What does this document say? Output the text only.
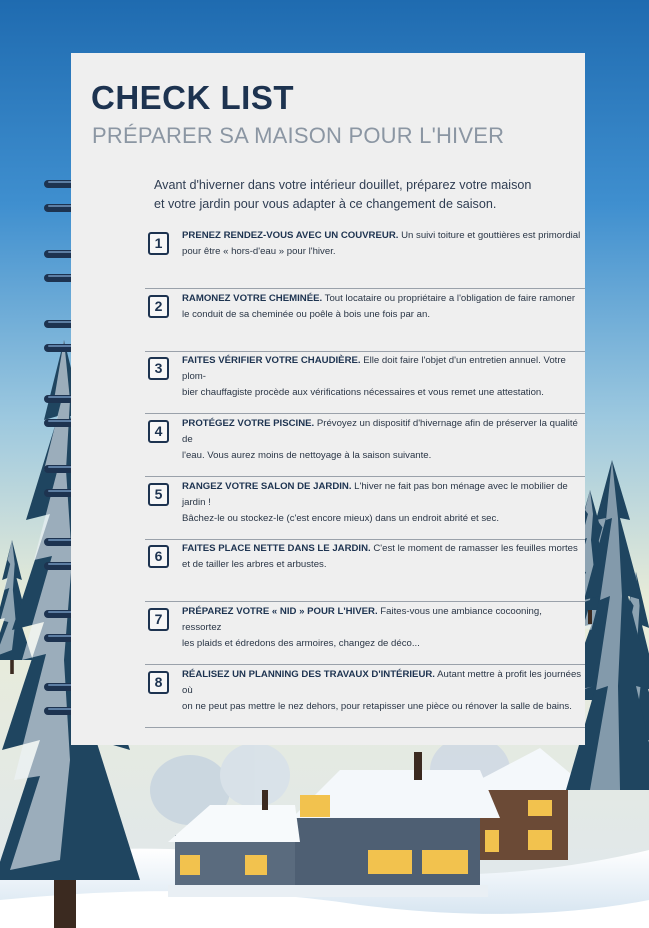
CHECK LIST
PRÉPARER SA MAISON POUR L'HIVER
Avant d'hiverner dans votre intérieur douillet, préparez votre maison
et votre jardin pour vous adapter à ce changement de saison.
1	PRENEZ RENDEZ-VOUS AVEC UN COUVREUR. Un suivi toiture et gouttières est primordial
pour être « hors-d'eau » pour l'hiver.
2	RAMONEZ VOTRE CHEMINÉE. Tout locataire ou propriétaire a l'obligation de faire ramoner
le conduit de sa cheminée ou poêle à bois une fois par an.
3	FAITES VÉRIFIER VOTRE CHAUDIÈRE. Elle doit faire l'objet d'un entretien annuel. Votre plom-
bier chauffagiste procède aux vérifications nécessaires et vous remet une attestation.
4	PROTÉGEZ VOTRE PISCINE. Prévoyez un dispositif d'hivernage afin de préserver la qualité de
l'eau. Vous aurez moins de nettoyage à la saison suivante.
5	RANGEZ VOTRE SALON DE JARDIN. L'hiver ne fait pas bon ménage avec le mobilier de jardin !
Bâchez-le ou stockez-le (c'est encore mieux) dans un endroit abrité et sec.
6	FAITES PLACE NETTE DANS LE JARDIN. C'est le moment de ramasser les feuilles mortes
et de tailler les arbres et arbustes.
7	PRÉPAREZ VOTRE « NID » POUR L'HIVER. Faites-vous une ambiance cocooning, ressortez
les plaids et édredons des armoires, changez de déco...
8	RÉALISEZ UN PLANNING DES TRAVAUX D'INTÉRIEUR. Autant mettre à profit les journées où
on ne peut pas mettre le nez dehors, pour retapisser une pièce ou rénover la salle de bains.
